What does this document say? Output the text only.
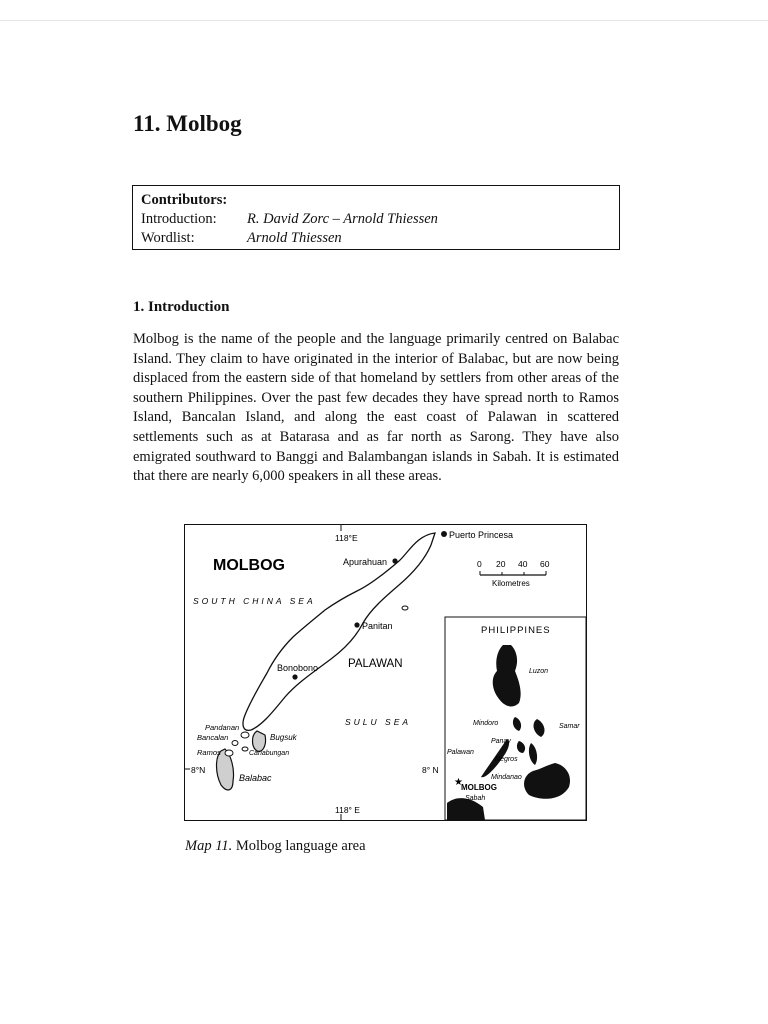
11. Molbog
Contributors:
Introduction:	R. David Zorc – Arnold Thiessen
Wordlist:	Arnold Thiessen
1. Introduction

Molbog is the name of the people and the language primarily centred on Balabac Island. They claim to have originated in the interior of Balabac, but are now being displaced from the eastern side of that homeland by settlers from other areas of the southern Philippines. Over the past few decades they have spread north to Ramos Island, Bancalan Island, and along the east coast of Palawan in scattered settlements such as at Batarasa and as far north as Sarong. They have also emigrated southward to Banggi and Balambangan islands in Sabah. It is estimated that there are nearly 6,000 speakers in all these areas.

MOLBOG
118°E
118° E
8°N	8° N
SOUTH CHINA SEA
SULU SEA
PALAWAN
Puerto Princesa
Apurahuan
Panitan
Bonobono
Pandanan
Bancalan	Bugsuk
Ramos	Canabungan
Balabac
0 20 40 60
Kilometres
PHILIPPINES
★
Luzon
Mindoro	Samar
Panay
Palawan
Negros
Mindanao
MOLBOG
Sabah

Map 11. Molbog language area
